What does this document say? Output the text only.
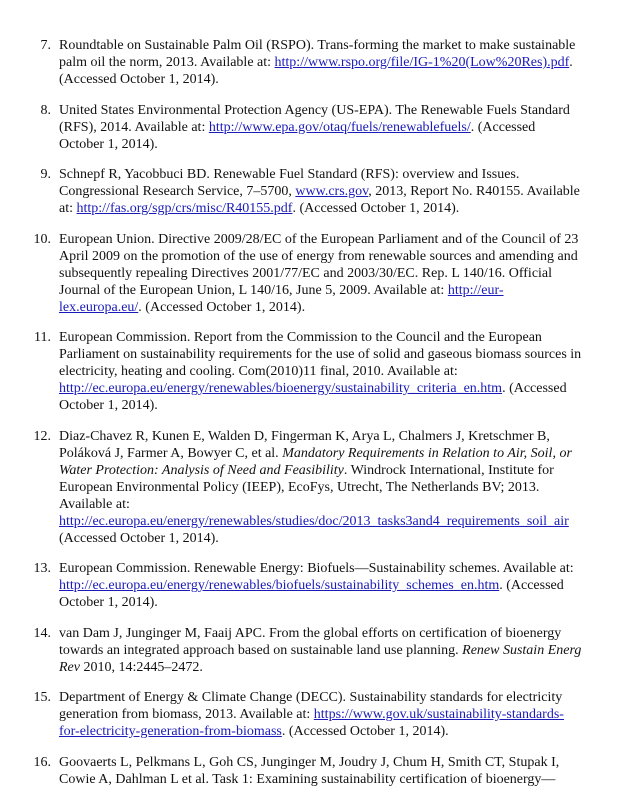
7. Roundtable on Sustainable Palm Oil (RSPO). Trans-forming the market to make sustainable palm oil the norm, 2013. Available at: http://www.rspo.org/file/IG-1%20(Low%20Res).pdf. (Accessed October 1, 2014).
8. United States Environmental Protection Agency (US-EPA). The Renewable Fuels Standard (RFS), 2014. Available at: http://www.epa.gov/otaq/fuels/renewablefuels/. (Accessed October 1, 2014).
9. Schnepf R, Yacobbuci BD. Renewable Fuel Standard (RFS): overview and Issues. Congressional Research Service, 7–5700, www.crs.gov, 2013, Report No. R40155. Available at: http://fas.org/sgp/crs/misc/R40155.pdf. (Accessed October 1, 2014).
10. European Union. Directive 2009/28/EC of the European Parliament and of the Council of 23 April 2009 on the promotion of the use of energy from renewable sources and amending and subsequently repealing Directives 2001/77/EC and 2003/30/EC. Rep. L 140/16. Official Journal of the European Union, L 140/16, June 5, 2009. Available at: http://eur-lex.europa.eu/. (Accessed October 1, 2014).
11. European Commission. Report from the Commission to the Council and the European Parliament on sustainability requirements for the use of solid and gaseous biomass sources in electricity, heating and cooling. Com(2010)11 final, 2010. Available at: http://ec.europa.eu/energy/renewables/bioenergy/sustainability_criteria_en.htm. (Accessed October 1, 2014).
12. Diaz-Chavez R, Kunen E, Walden D, Fingerman K, Arya L, Chalmers J, Kretschmer B, Poláková J, Farmer A, Bowyer C, et al. Mandatory Requirements in Relation to Air, Soil, or Water Protection: Analysis of Need and Feasibility. Windrock International, Institute for European Environmental Policy (IEEP), EcoFys, Utrecht, The Netherlands BV; 2013. Available at: http://ec.europa.eu/energy/renewables/studies/doc/2013_tasks3and4_requirements_soil_air
(Accessed October 1, 2014).
13. European Commission. Renewable Energy: Biofuels—Sustainability schemes. Available at: http://ec.europa.eu/energy/renewables/biofuels/sustainability_schemes_en.htm. (Accessed October 1, 2014).
14. van Dam J, Junginger M, Faaij APC. From the global efforts on certification of bioenergy towards an integrated approach based on sustainable land use planning. Renew Sustain Energ Rev 2010, 14:2445–2472.
15. Department of Energy & Climate Change (DECC). Sustainability standards for electricity generation from biomass, 2013. Available at: https://www.gov.uk/sustainability-standards-for-electricity-generation-from-biomass. (Accessed October 1, 2014).
16. Goovaerts L, Pelkmans L, Goh CS, Junginger M, Joudry J, Chum H, Smith CT, Stupak I, Cowie A, Dahlman L et al. Task 1: Examining sustainability certification of bioenergy—
